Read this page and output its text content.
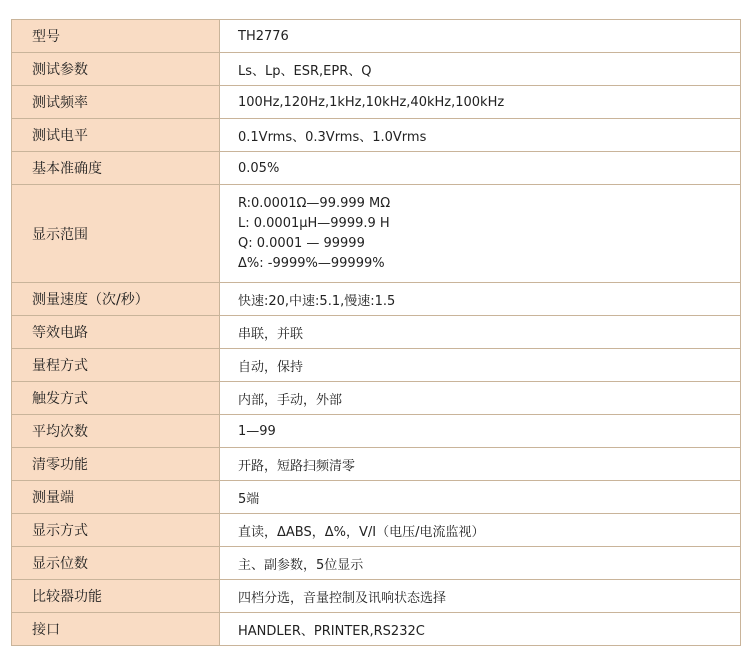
型号	TH2776
测试参数	Ls、Lp、ESR,EPR、Q
测试频率	100Hz,120Hz,1kHz,10kHz,40kHz,100kHz
测试电平	0.1Vrms、0.3Vrms、1.0Vrms
基本准确度	0.05%
显示范围	R:0.0001Ω—99.999 MΩ
L: 0.0001μH—9999.9 H
Q: 0.0001 — 99999
Δ%: -9999%—99999%

测量速度（次/秒）	快速:20,中速:5.1,慢速:1.5
等效电路	串联，并联
量程方式	自动，保持
触发方式	内部，手动，外部
平均次数	1—99
清零功能	开路，短路扫频清零
测量端	5端
显示方式	直读，ΔABS，Δ%，V/I（电压/电流监视）
显示位数	主、副参数，5位显示
比较器功能	四档分选，音量控制及讯响状态选择
接口	HANDLER、PRINTER,RS232C
